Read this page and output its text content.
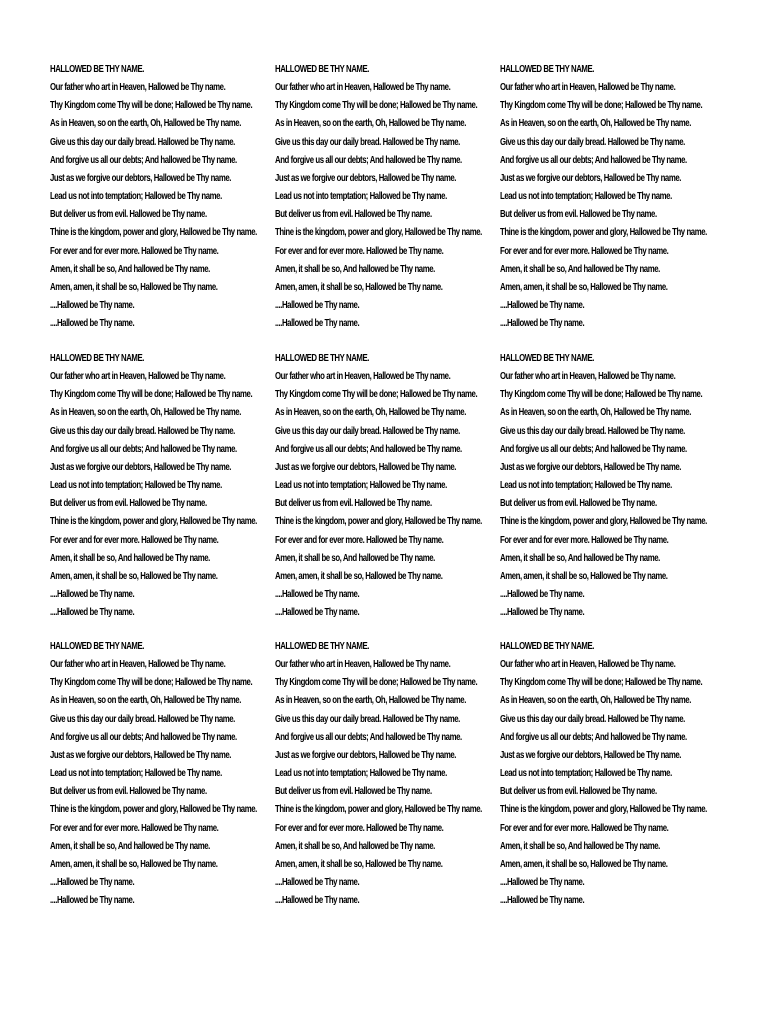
HALLOWED BE THY NAME.
Our father who art in Heaven, Hallowed be Thy name.
Thy Kingdom come Thy will be done; Hallowed be Thy name.
As in Heaven, so on the earth, Oh, Hallowed be Thy name.
Give us this day our daily bread. Hallowed be Thy name.
And forgive us all our debts; And hallowed be Thy name.
Just as we forgive our debtors, Hallowed be Thy name.
Lead us not into temptation; Hallowed be Thy name.
But deliver us from evil. Hallowed be Thy name.
Thine is the kingdom, power and glory, Hallowed be Thy name.
For ever and for ever more. Hallowed be Thy name.
Amen, it shall be so, And hallowed be Thy name.
Amen, amen, it shall be so, Hallowed be Thy name.
....Hallowed be Thy name.
....Hallowed be Thy name.
HALLOWED BE THY NAME.
Our father who art in Heaven, Hallowed be Thy name.
Thy Kingdom come Thy will be done; Hallowed be Thy name.
As in Heaven, so on the earth, Oh, Hallowed be Thy name.
Give us this day our daily bread. Hallowed be Thy name.
And forgive us all our debts; And hallowed be Thy name.
Just as we forgive our debtors, Hallowed be Thy name.
Lead us not into temptation; Hallowed be Thy name.
But deliver us from evil. Hallowed be Thy name.
Thine is the kingdom, power and glory, Hallowed be Thy name.
For ever and for ever more. Hallowed be Thy name.
Amen, it shall be so, And hallowed be Thy name.
Amen, amen, it shall be so, Hallowed be Thy name.
....Hallowed be Thy name.
....Hallowed be Thy name.
HALLOWED BE THY NAME.
Our father who art in Heaven, Hallowed be Thy name.
Thy Kingdom come Thy will be done; Hallowed be Thy name.
As in Heaven, so on the earth, Oh, Hallowed be Thy name.
Give us this day our daily bread. Hallowed be Thy name.
And forgive us all our debts; And hallowed be Thy name.
Just as we forgive our debtors, Hallowed be Thy name.
Lead us not into temptation; Hallowed be Thy name.
But deliver us from evil. Hallowed be Thy name.
Thine is the kingdom, power and glory, Hallowed be Thy name.
For ever and for ever more. Hallowed be Thy name.
Amen, it shall be so, And hallowed be Thy name.
Amen, amen, it shall be so, Hallowed be Thy name.
....Hallowed be Thy name.
....Hallowed be Thy name.
HALLOWED BE THY NAME.
Our father who art in Heaven, Hallowed be Thy name.
Thy Kingdom come Thy will be done; Hallowed be Thy name.
As in Heaven, so on the earth, Oh, Hallowed be Thy name.
Give us this day our daily bread. Hallowed be Thy name.
And forgive us all our debts; And hallowed be Thy name.
Just as we forgive our debtors, Hallowed be Thy name.
Lead us not into temptation; Hallowed be Thy name.
But deliver us from evil. Hallowed be Thy name.
Thine is the kingdom, power and glory, Hallowed be Thy name.
For ever and for ever more. Hallowed be Thy name.
Amen, it shall be so, And hallowed be Thy name.
Amen, amen, it shall be so, Hallowed be Thy name.
....Hallowed be Thy name.
....Hallowed be Thy name.
HALLOWED BE THY NAME.
Our father who art in Heaven, Hallowed be Thy name.
Thy Kingdom come Thy will be done; Hallowed be Thy name.
As in Heaven, so on the earth, Oh, Hallowed be Thy name.
Give us this day our daily bread. Hallowed be Thy name.
And forgive us all our debts; And hallowed be Thy name.
Just as we forgive our debtors, Hallowed be Thy name.
Lead us not into temptation; Hallowed be Thy name.
But deliver us from evil. Hallowed be Thy name.
Thine is the kingdom, power and glory, Hallowed be Thy name.
For ever and for ever more. Hallowed be Thy name.
Amen, it shall be so, And hallowed be Thy name.
Amen, amen, it shall be so, Hallowed be Thy name.
....Hallowed be Thy name.
....Hallowed be Thy name.
HALLOWED BE THY NAME.
Our father who art in Heaven, Hallowed be Thy name.
Thy Kingdom come Thy will be done; Hallowed be Thy name.
As in Heaven, so on the earth, Oh, Hallowed be Thy name.
Give us this day our daily bread. Hallowed be Thy name.
And forgive us all our debts; And hallowed be Thy name.
Just as we forgive our debtors, Hallowed be Thy name.
Lead us not into temptation; Hallowed be Thy name.
But deliver us from evil. Hallowed be Thy name.
Thine is the kingdom, power and glory, Hallowed be Thy name.
For ever and for ever more. Hallowed be Thy name.
Amen, it shall be so, And hallowed be Thy name.
Amen, amen, it shall be so, Hallowed be Thy name.
....Hallowed be Thy name.
....Hallowed be Thy name.
HALLOWED BE THY NAME.
Our father who art in Heaven, Hallowed be Thy name.
Thy Kingdom come Thy will be done; Hallowed be Thy name.
As in Heaven, so on the earth, Oh, Hallowed be Thy name.
Give us this day our daily bread. Hallowed be Thy name.
And forgive us all our debts; And hallowed be Thy name.
Just as we forgive our debtors, Hallowed be Thy name.
Lead us not into temptation; Hallowed be Thy name.
But deliver us from evil. Hallowed be Thy name.
Thine is the kingdom, power and glory, Hallowed be Thy name.
For ever and for ever more. Hallowed be Thy name.
Amen, it shall be so, And hallowed be Thy name.
Amen, amen, it shall be so, Hallowed be Thy name.
....Hallowed be Thy name.
....Hallowed be Thy name.
HALLOWED BE THY NAME.
Our father who art in Heaven, Hallowed be Thy name.
Thy Kingdom come Thy will be done; Hallowed be Thy name.
As in Heaven, so on the earth, Oh, Hallowed be Thy name.
Give us this day our daily bread. Hallowed be Thy name.
And forgive us all our debts; And hallowed be Thy name.
Just as we forgive our debtors, Hallowed be Thy name.
Lead us not into temptation; Hallowed be Thy name.
But deliver us from evil. Hallowed be Thy name.
Thine is the kingdom, power and glory, Hallowed be Thy name.
For ever and for ever more. Hallowed be Thy name.
Amen, it shall be so, And hallowed be Thy name.
Amen, amen, it shall be so, Hallowed be Thy name.
....Hallowed be Thy name.
....Hallowed be Thy name.
HALLOWED BE THY NAME.
Our father who art in Heaven, Hallowed be Thy name.
Thy Kingdom come Thy will be done; Hallowed be Thy name.
As in Heaven, so on the earth, Oh, Hallowed be Thy name.
Give us this day our daily bread. Hallowed be Thy name.
And forgive us all our debts; And hallowed be Thy name.
Just as we forgive our debtors, Hallowed be Thy name.
Lead us not into temptation; Hallowed be Thy name.
But deliver us from evil. Hallowed be Thy name.
Thine is the kingdom, power and glory, Hallowed be Thy name.
For ever and for ever more. Hallowed be Thy name.
Amen, it shall be so, And hallowed be Thy name.
Amen, amen, it shall be so, Hallowed be Thy name.
....Hallowed be Thy name.
....Hallowed be Thy name.
